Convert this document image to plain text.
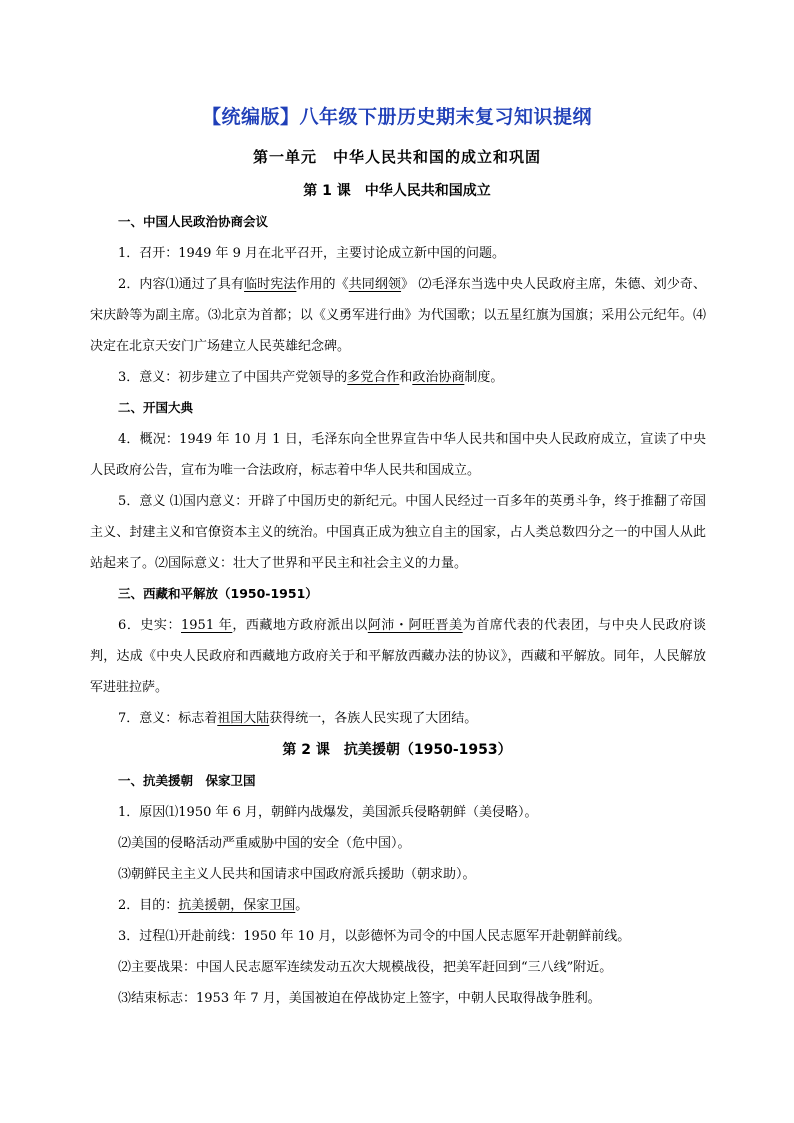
【统编版】八年级下册历史期末复习知识提纲
第一单元　中华人民共和国的成立和巩固
第 1 课　中华人民共和国成立
一、中国人民政治协商会议
1．召开：1949 年 9 月在北平召开，主要讨论成立新中国的问题。
2．内容⑴通过了具有临时宪法作用的《共同纲领》 ⑵毛泽东当选中央人民政府主席，朱德、刘少奇、宋庆龄等为副主席。⑶北京为首都；以《义勇军进行曲》为代国歌；以五星红旗为国旗；采用公元纪年。⑷决定在北京天安门广场建立人民英雄纪念碑。
3．意义：初步建立了中国共产党领导的多党合作和政治协商制度。
二、开国大典
4．概况：1949 年 10 月 1 日，毛泽东向全世界宣告中华人民共和国中央人民政府成立，宣读了中央人民政府公告，宣布为唯一合法政府，标志着中华人民共和国成立。
5．意义 ⑴国内意义：开辟了中国历史的新纪元。中国人民经过一百多年的英勇斗争，终于推翻了帝国主义、封建主义和官僚资本主义的统治。中国真正成为独立自主的国家，占人类总数四分之一的中国人从此站起来了。⑵国际意义：壮大了世界和平民主和社会主义的力量。
三、西藏和平解放（1950-1951）
6．史实：1951 年，西藏地方政府派出以阿沛・阿旺晋美为首席代表的代表团，与中央人民政府谈判，达成《中央人民政府和西藏地方政府关于和平解放西藏办法的协议》，西藏和平解放。同年，人民解放军进驻拉萨。
7．意义：标志着祖国大陆获得统一，各族人民实现了大团结。
第 2 课　抗美援朝（1950-1953）
一、抗美援朝　保家卫国
1．原因⑴1950 年 6 月，朝鲜内战爆发，美国派兵侵略朝鲜（美侵略）。
⑵美国的侵略活动严重威胁中国的安全（危中国）。
⑶朝鲜民主主义人民共和国请求中国政府派兵援助（朝求助）。
2．目的：抗美援朝，保家卫国。
3．过程⑴开赴前线：1950 年 10 月，以彭德怀为司令的中国人民志愿军开赴朝鲜前线。
⑵主要战果：中国人民志愿军连续发动五次大规模战役，把美军赶回到“三八线”附近。
⑶结束标志：1953 年 7 月，美国被迫在停战协定上签字，中朝人民取得战争胜利。
